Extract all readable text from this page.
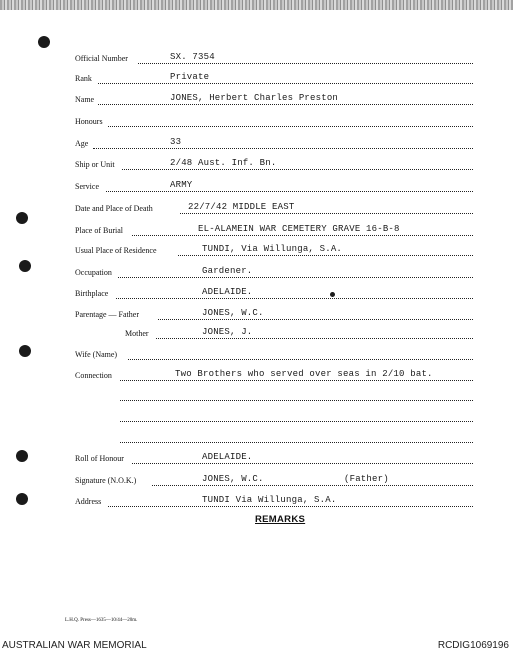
Official Number	SX. 7354
Rank	Private
Name	JONES, Herbert Charles Preston
Honours
Age	33
Ship or Unit	2/48 Aust. Inf. Bn.
Service	ARMY
Date and Place of Death	22/7/42 MIDDLE EAST
Place of Burial	EL-ALAMEIN WAR CEMETERY GRAVE 16-B-8
Usual Place of Residence	TUNDI, Via Willunga, S.A.
Occupation	Gardener.
Birthplace	ADELAIDE.
Parentage — Father	JONES, W.C.
Mother	JONES, J.
Wife (Name)
Connection	Two Brothers who served over seas in 2/10 bat.
Roll of Honour	ADELAIDE.
Signature (N.O.K.)	JONES, W.C.	(Father)
Address	TUNDI Via Willunga, S.A.
REMARKS
L.H.Q. Press—1635—10/44—20m.
AUSTRALIAN WAR MEMORIAL	RCDIG1069196
